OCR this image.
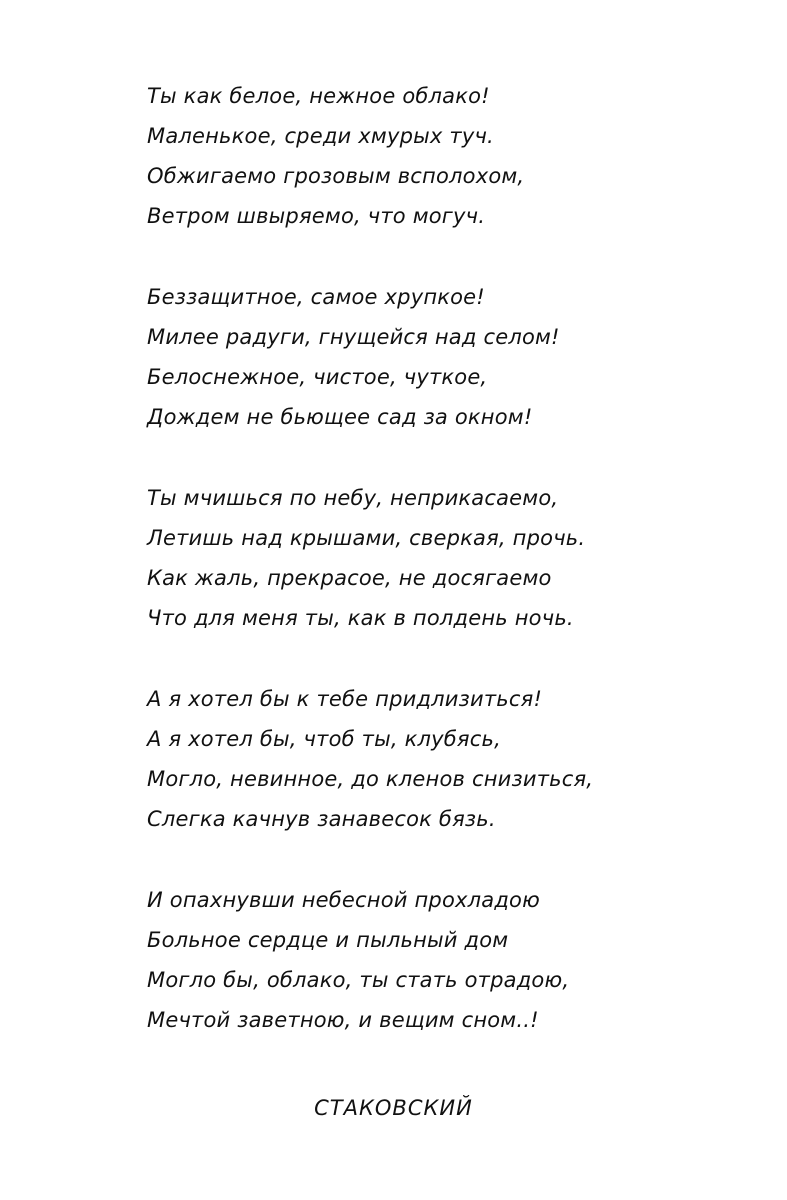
Ты как белое, нежное облако!
Маленькое, среди хмурых туч.
Обжигаемо грозовым всполохом,
Ветром швыряемо, что могуч.
Беззащитное, самое хрупкое!
Милее радуги, гнущейся над селом!
Белоснежное, чистое, чуткое,
Дождем не бьющее сад за окном!
Ты мчишься по небу, неприкасаемо,
Летишь над крышами, сверкая, прочь.
Как жаль, прекрасое, не досягаемо
Что для меня ты, как в полдень ночь.
А я хотел бы к тебе придлизиться!
А я хотел бы, чтоб ты, клубясь,
Могло, невинное, до кленов снизиться,
Слегка качнув занавесок бязь.
И опахнувши небесной прохладою
Больное сердце и пыльный дом
Могло бы, облако, ты стать отрадою,
Мечтой заветною, и вещим сном..!
СТАКОВСКИЙ
